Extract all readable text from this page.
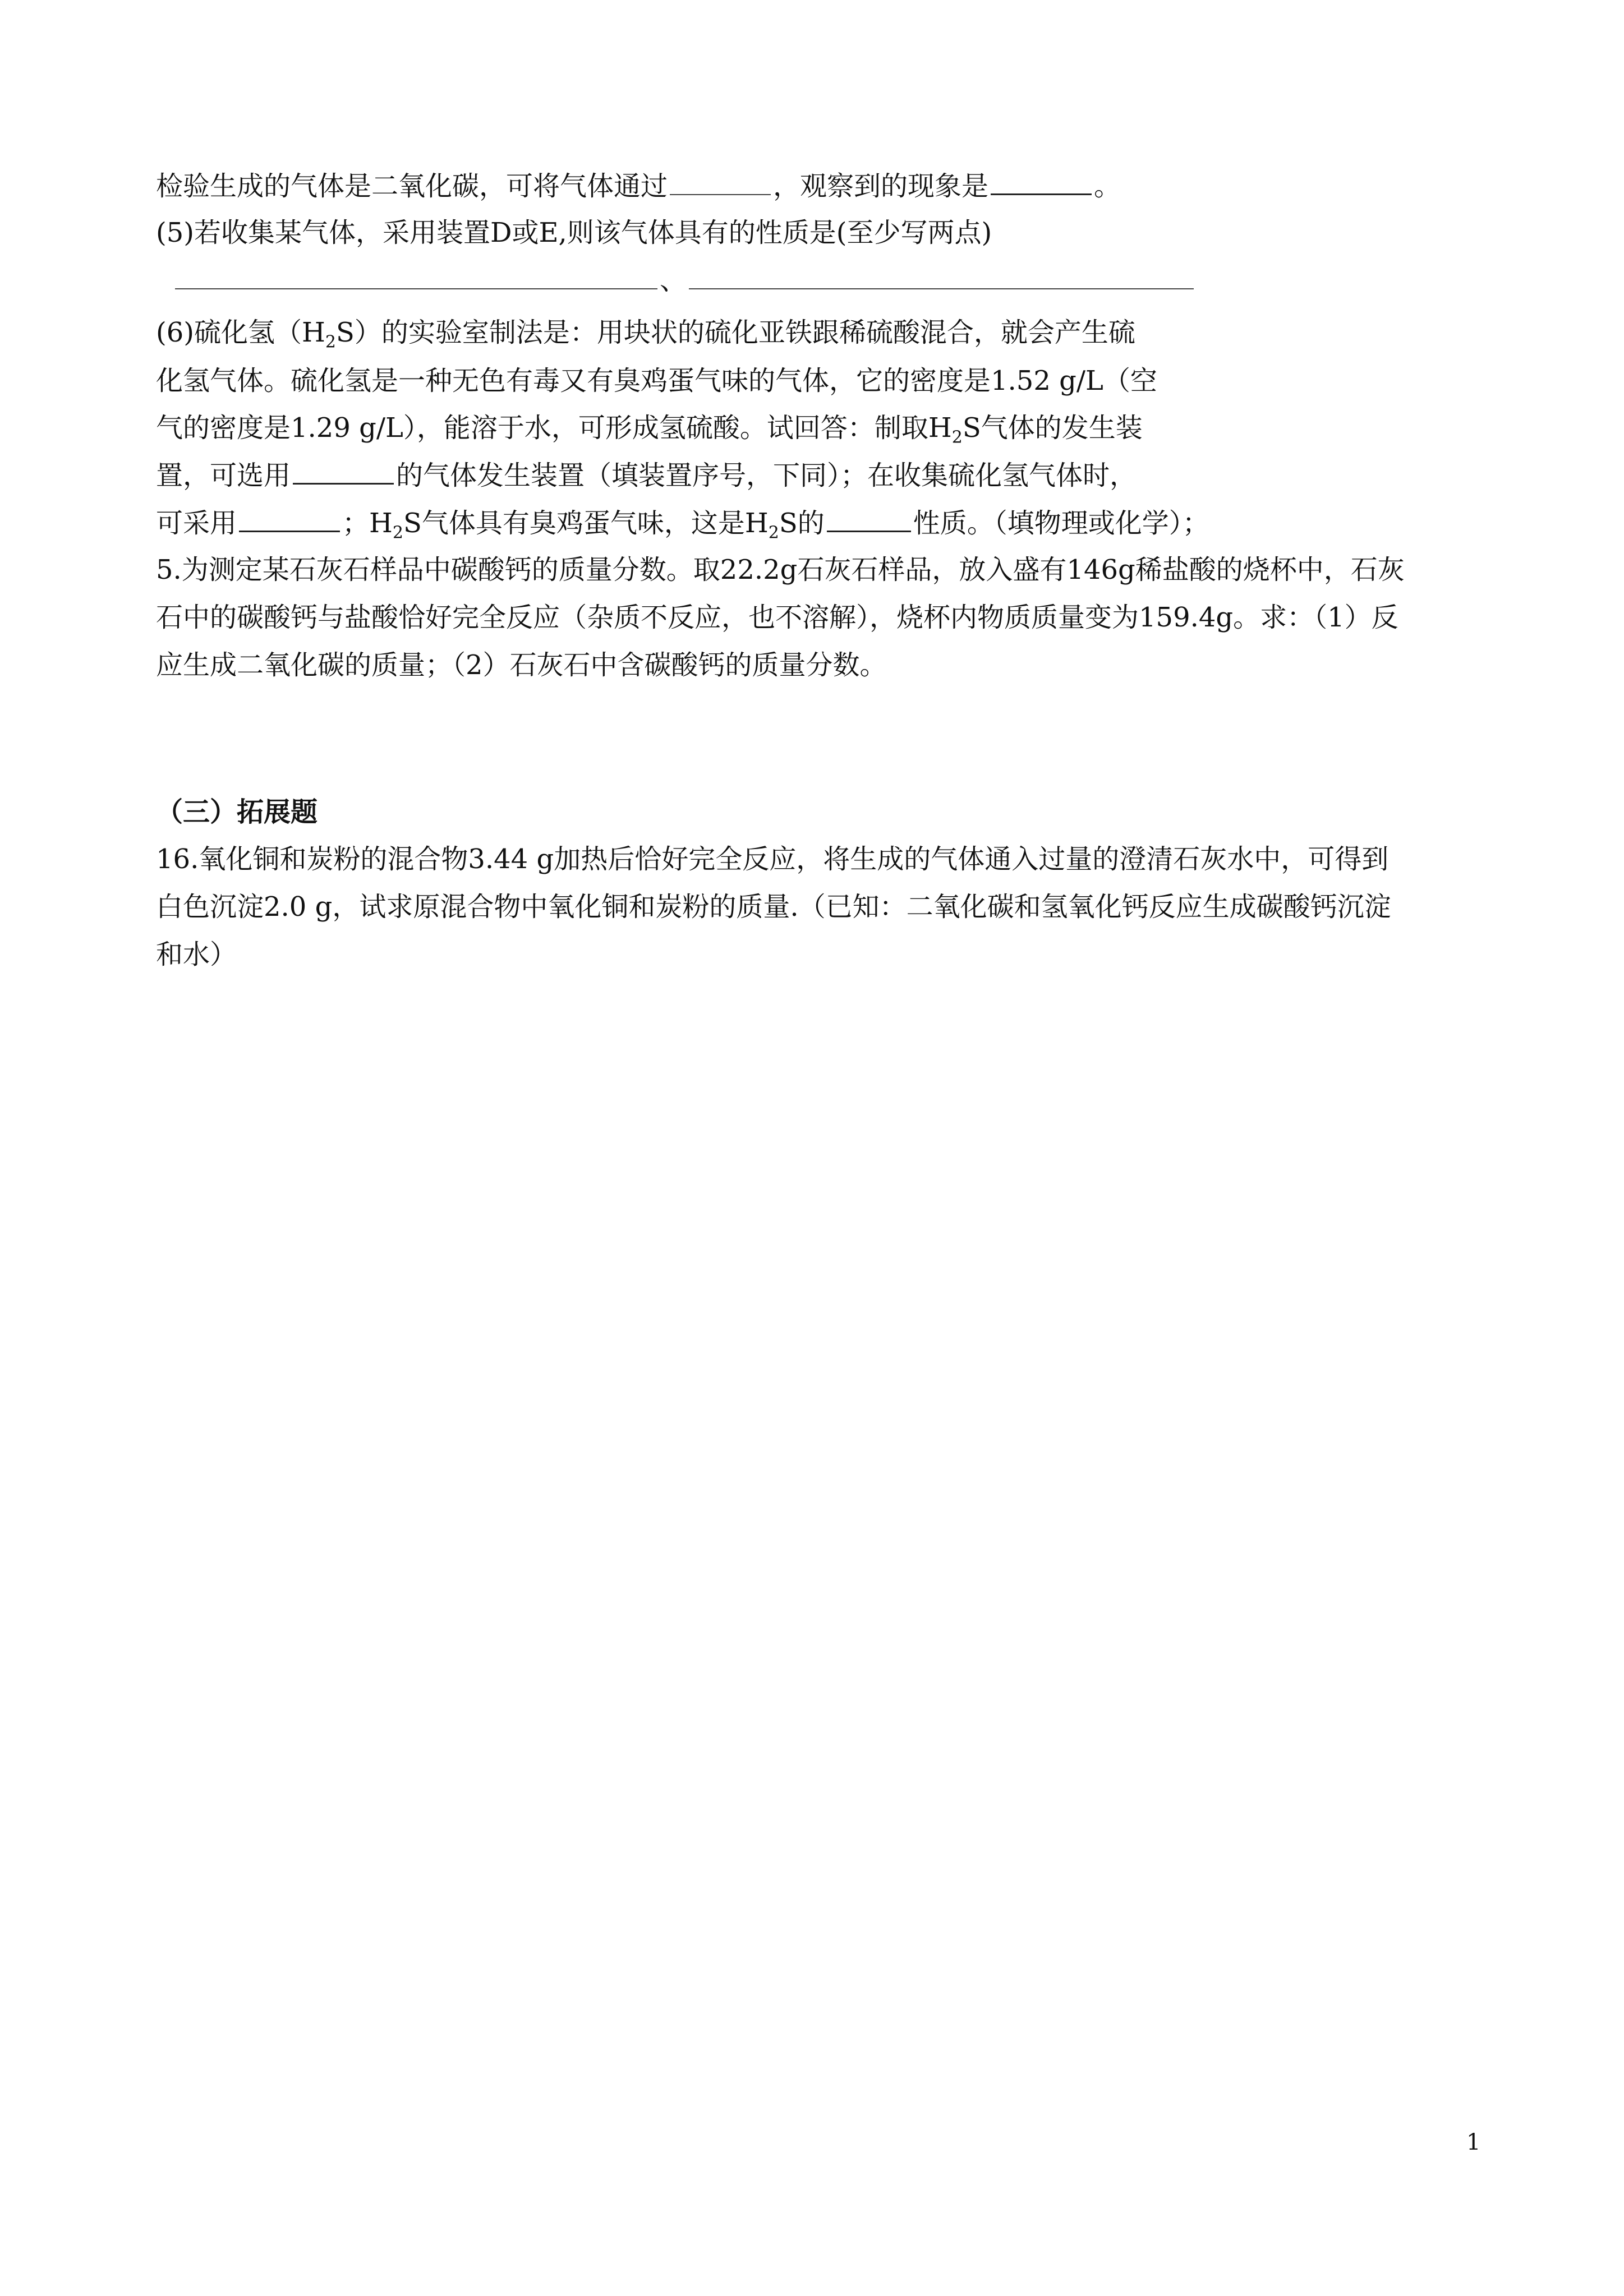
检验生成的气体是二氧化碳，可将气体通过	，观察到的现象是	。
(5)若收集某气体，采用装置D或E,则该气体具有的性质是(至少写两点)
、
(6)硫化氢$(H_2S)$的实验室制法是：用块状的硫化亚铁跟稀硫酸混合，就会产生硫
化氢气体。硫化氢是一种无色有毒又有臭鸡蛋气味的气体，它的密度是1.52 g/L（空
气的密度是1.29 g/L），能溶于水，可形成氢硫酸。试回答：制取$H_2S$气体的发生装
置，可选用	的气体发生装置（填装置序号，下同）；在收集硫化氢气体时，
可采用	；$H_2S$气体具有臭鸡蛋气味，这是$H_2S$的	性质。（填物理或化学）；
5.为测定某石灰石样品中碳酸钙的质量分数。取22.2g石灰石样品，放入盛有146g稀盐酸的烧杯中，石灰
石中的碳酸钙与盐酸恰好完全反应（杂质不反应，也不溶解），烧杯内物质质量变为159.4g。求：（1）反
应生成二氧化碳的质量；（2）石灰石中含碳酸钙的质量分数。
（三）拓展题
16.氧化铜和炭粉的混合物3.44 g加热后恰好完全反应，将生成的气体通入过量的澄清石灰水中，可得到
白色沉淀2.0 g，试求原混合物中氧化铜和炭粉的质量.（已知：二氧化碳和氢氧化钙反应生成碳酸钙沉淀
和水）
1
